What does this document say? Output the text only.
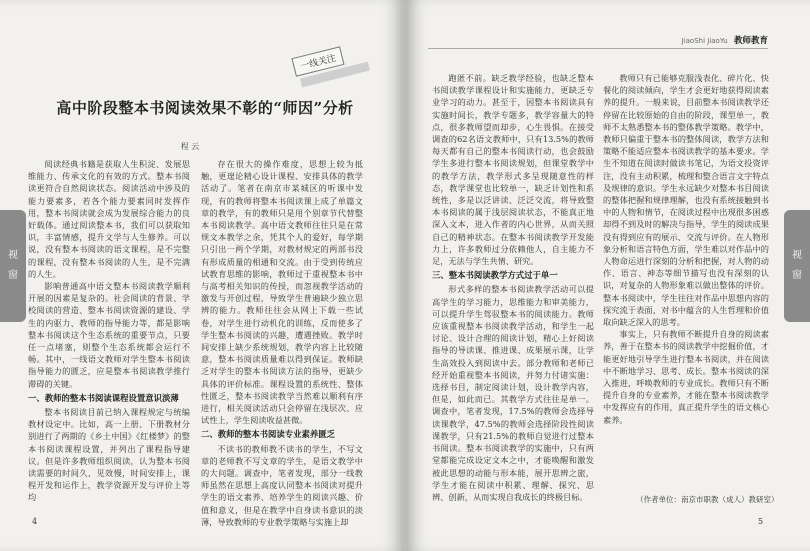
一线关注
高中阶段整本书阅读效果不彰的“师因”分析
程 云

阅读经典书籍是获取人生积淀、发展思维能力、传承文化的有效的方式。整本书阅读更符合自然阅读状态。阅读活动中涉及的能力要素多，若各个能力要素同时发挥作用，整本书阅读就会成为发展综合能力的良好载体。通过阅读整本书，我们可以获取知识，丰富情感，提升文学与人生修养。可以说，没有整本书阅读的语文课程，是不完整的课程，没有整本书阅读的人生，是不完满的人生。

影响普通高中语文整本书阅读教学顺利开展的因素是复杂的。社会阅读的背景、学校阅读的营造、整本书阅读资源的建设、学生的内驱力、教师的指导能力等，都是影响整本书阅读这个生态系统的重要节点，只要任一点堵塞，则整个生态系统都会运行不畅。其中，一线语文教师对学生整本书阅读指导能力的匮乏，应是整本书阅读教学推行滞碍的关键。

一、教师的整本书阅读课程设置意识淡薄

整本书阅读目前已纳入课程规定与统编教材设定中。比如，高一上册、下册教材分别进行了两期的《乡土中国》《红楼梦》的整本书阅读课程设置，并列出了课程指导建议。但是许多教师组织阅读，认为整本书阅读需要的时间久、见效慢，时间安排上，课程开发和运作上，教学资源开发与评价上等均

存在很大的操作难度，思想上较为抵触，更遑论精心设计课程、安排具体的教学活动了。笔者在南京市某城区的听课中发现，有的教师将整本书阅读课上成了单篇文章的教学，有的教师只是用个别章节代替整本书阅读教学。高中语文教师往往只是在常规文本教学之余，凭其个人的爱好，每学期只引出一两个学期，对教材规定的两部书没有形成质量的相通和交流。由于受到传统应试教育思维的影响，教师过于重视整本书中与高考相关知识的传授，而忽视教学活动的激发与开创过程，导致学生普遍缺少独立思辨的能力。教师往往会从网上下载一些试卷，对学生进行动机化的训练，反而使多了学生整本书阅读的兴趣，遭遇挫败。教学时间安排上缺少系统规划，教学内容上比较随意，整本书阅读质量难以得到保证。教师缺乏对学生的整本书阅读方法的指导，更缺少具体的评价标准。课程设置的系统性、整体性匮乏，整本书阅读教学当然难以顺利有序进行，相关阅读活动只会停留在浅层次、应试性上，学生阅读收益甚微。

二、教师的整本书阅读专业素养匮乏

不读书的教师教不读书的学生，不写文章的老师教不写文章的学生，是语文教学中的大问题。调查中，笔者发现，部分一线教师虽然在思想上高度认同整本书阅读对提升学生的语文素养、培养学生的阅读兴趣、价值和意义，但是在教学中自身读书意识的淡薄，导致教师的专业教学策略与实施上却

视
窗
4
JiaoShi JiaoYu 教师教育

跑匿不前。缺乏教学经验，也缺乏整本书阅读教学课程设计和实施能力，更缺乏专业学习的动力。甚至于，因整本书阅读具有实施时间长，教学专题多，教学容量大的特点，很多教师望而却步，心生畏惧。在接受调查的62名语文教师中，只有13.5%的教师每天都有自己的整本书阅读行动，也会鼓励学生多进行整本书阅读规划，但课堂教学中的教学方法，教学形式多呈现随意性的样态，教学课堂也比较单一，缺乏计划性和系统性，多是以泛讲读、泛泛交流，将导致整本书阅读的属于浅层阅读状态，不能真正地深入文本，进入作者的内心世界，从而关照自己的精神状态。在整本书阅读教学开发能力上，许多教师过分依赖他人，自主能力不足，无法与学生共情、研究。

三、整本书阅读教学方式过于单一

形式多样的整本书阅读教学活动可以提高学生的学习能力，思维能力和审美能力，可以提升学生驾驭整本书的阅读能力。教师应该重视整本书阅读教学活动，和学生一起讨论、设计合理的阅读计划，精心上好阅读指导的导读课、推进课、成果展示课，让学生高效投入到阅读中去。部分教师和老师已经开始重视整本书阅读，并努力付诸实施：选择书目，制定阅读计划，设计教学内容，但是，如此而已。其教学方式往往是单一。调查中，笔者发现，17.5%的教师会选择导读课教学，47.5%的教师会选择阶段性阅读课教学，只有21.5%的教师自觉进行过整本书阅读。整本书阅读教学的实施中，只有两堂都能完成设定文本之中，才能唤醒和激发被此思想的动能与形本能，展开思辨之旅，学生才能在阅读中积累、理解、探究、思辨、创新，从而实现自我成长的终极目标。

教师只有已能够克服浅表化、碎片化、快餐化的阅读倾向，学生才会更好地获得阅读素养的提升。一般来说，目前整本书阅读教学还停留在比较原始的自由的阶段，课型单一，教师不太熟悉整本书的整体教学策略。教学中，教师只偏重于整本书的整体阅读，教学方法和策略不能适应整本书阅读教学的基本要求。学生不知道在阅读时做读书笔记，为语文投资评注，没有主动积累，梳理和整合语言文字特点及规律的意识。学生永远缺少对整本书目阅读的整体把握和规律理解，也没有系统接触到书中的人物和情节，在阅读过程中出现很多困惑却得不到及时的解决与指导，学生的阅读成果没有得到应有的展示、交流与评价。在人物形象分析和语言特色方面，学生难以对作品中的人物命运进行深刻的分析和把握，对人物的动作、语言、神态等细节描写也没有深刻的认识，对复杂的人物形象难以做出整体的评价。整本书阅读中，学生往往对作品中思想内容的探究流于表面，对书中蕴含的人生哲理和价值取向缺乏深入的思考。

事实上，只有教师不断提升自身的阅读素养，善于在整本书的阅读教学中挖掘价值，才能更好地引导学生进行整本书阅读，并在阅读中不断地学习、思考、成长。整本书阅读的深入推进，呼唤教师的专业成长。教师只有不断提升自身的专业素养，才能在整本书阅读教学中发挥应有的作用，真正提升学生的语文核心素养。

（作者单位：南京市职教（成人）教研室）
视
窗
5
